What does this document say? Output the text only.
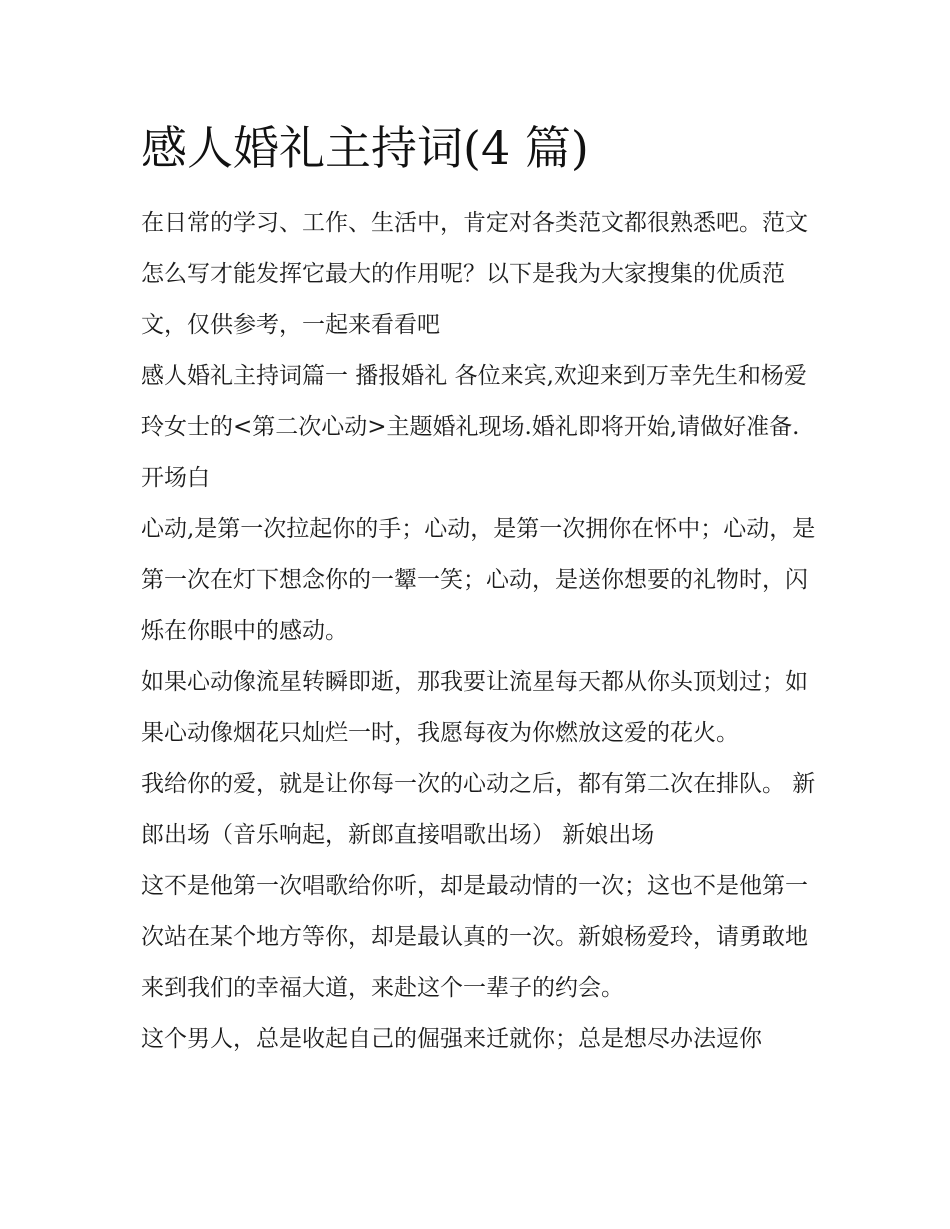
感人婚礼主持词(4 篇)

在日常的学习、工作、生活中，肯定对各类范文都很熟悉吧。范文怎么写才能发挥它最大的作用呢？以下是我为大家搜集的优质范文，仅供参考，一起来看看吧

感人婚礼主持词篇一 播报婚礼 各位来宾,欢迎来到万幸先生和杨爱玲女士的<第二次心动>主题婚礼现场.婚礼即将开始,请做好准备.开场白

心动,是第一次拉起你的手；心动，是第一次拥你在怀中；心动，是第一次在灯下想念你的一颦一笑；心动，是送你想要的礼物时，闪烁在你眼中的感动。

如果心动像流星转瞬即逝，那我要让流星每天都从你头顶划过；如果心动像烟花只灿烂一时，我愿每夜为你燃放这爱的花火。

我给你的爱，就是让你每一次的心动之后，都有第二次在排队。 新郎出场（音乐响起，新郎直接唱歌出场） 新娘出场

这不是他第一次唱歌给你听，却是最动情的一次；这也不是他第一次站在某个地方等你，却是最认真的一次。新娘杨爱玲，请勇敢地来到我们的幸福大道，来赴这个一辈子的约会。

这个男人，总是收起自己的倔强来迁就你；总是想尽办法逗你
